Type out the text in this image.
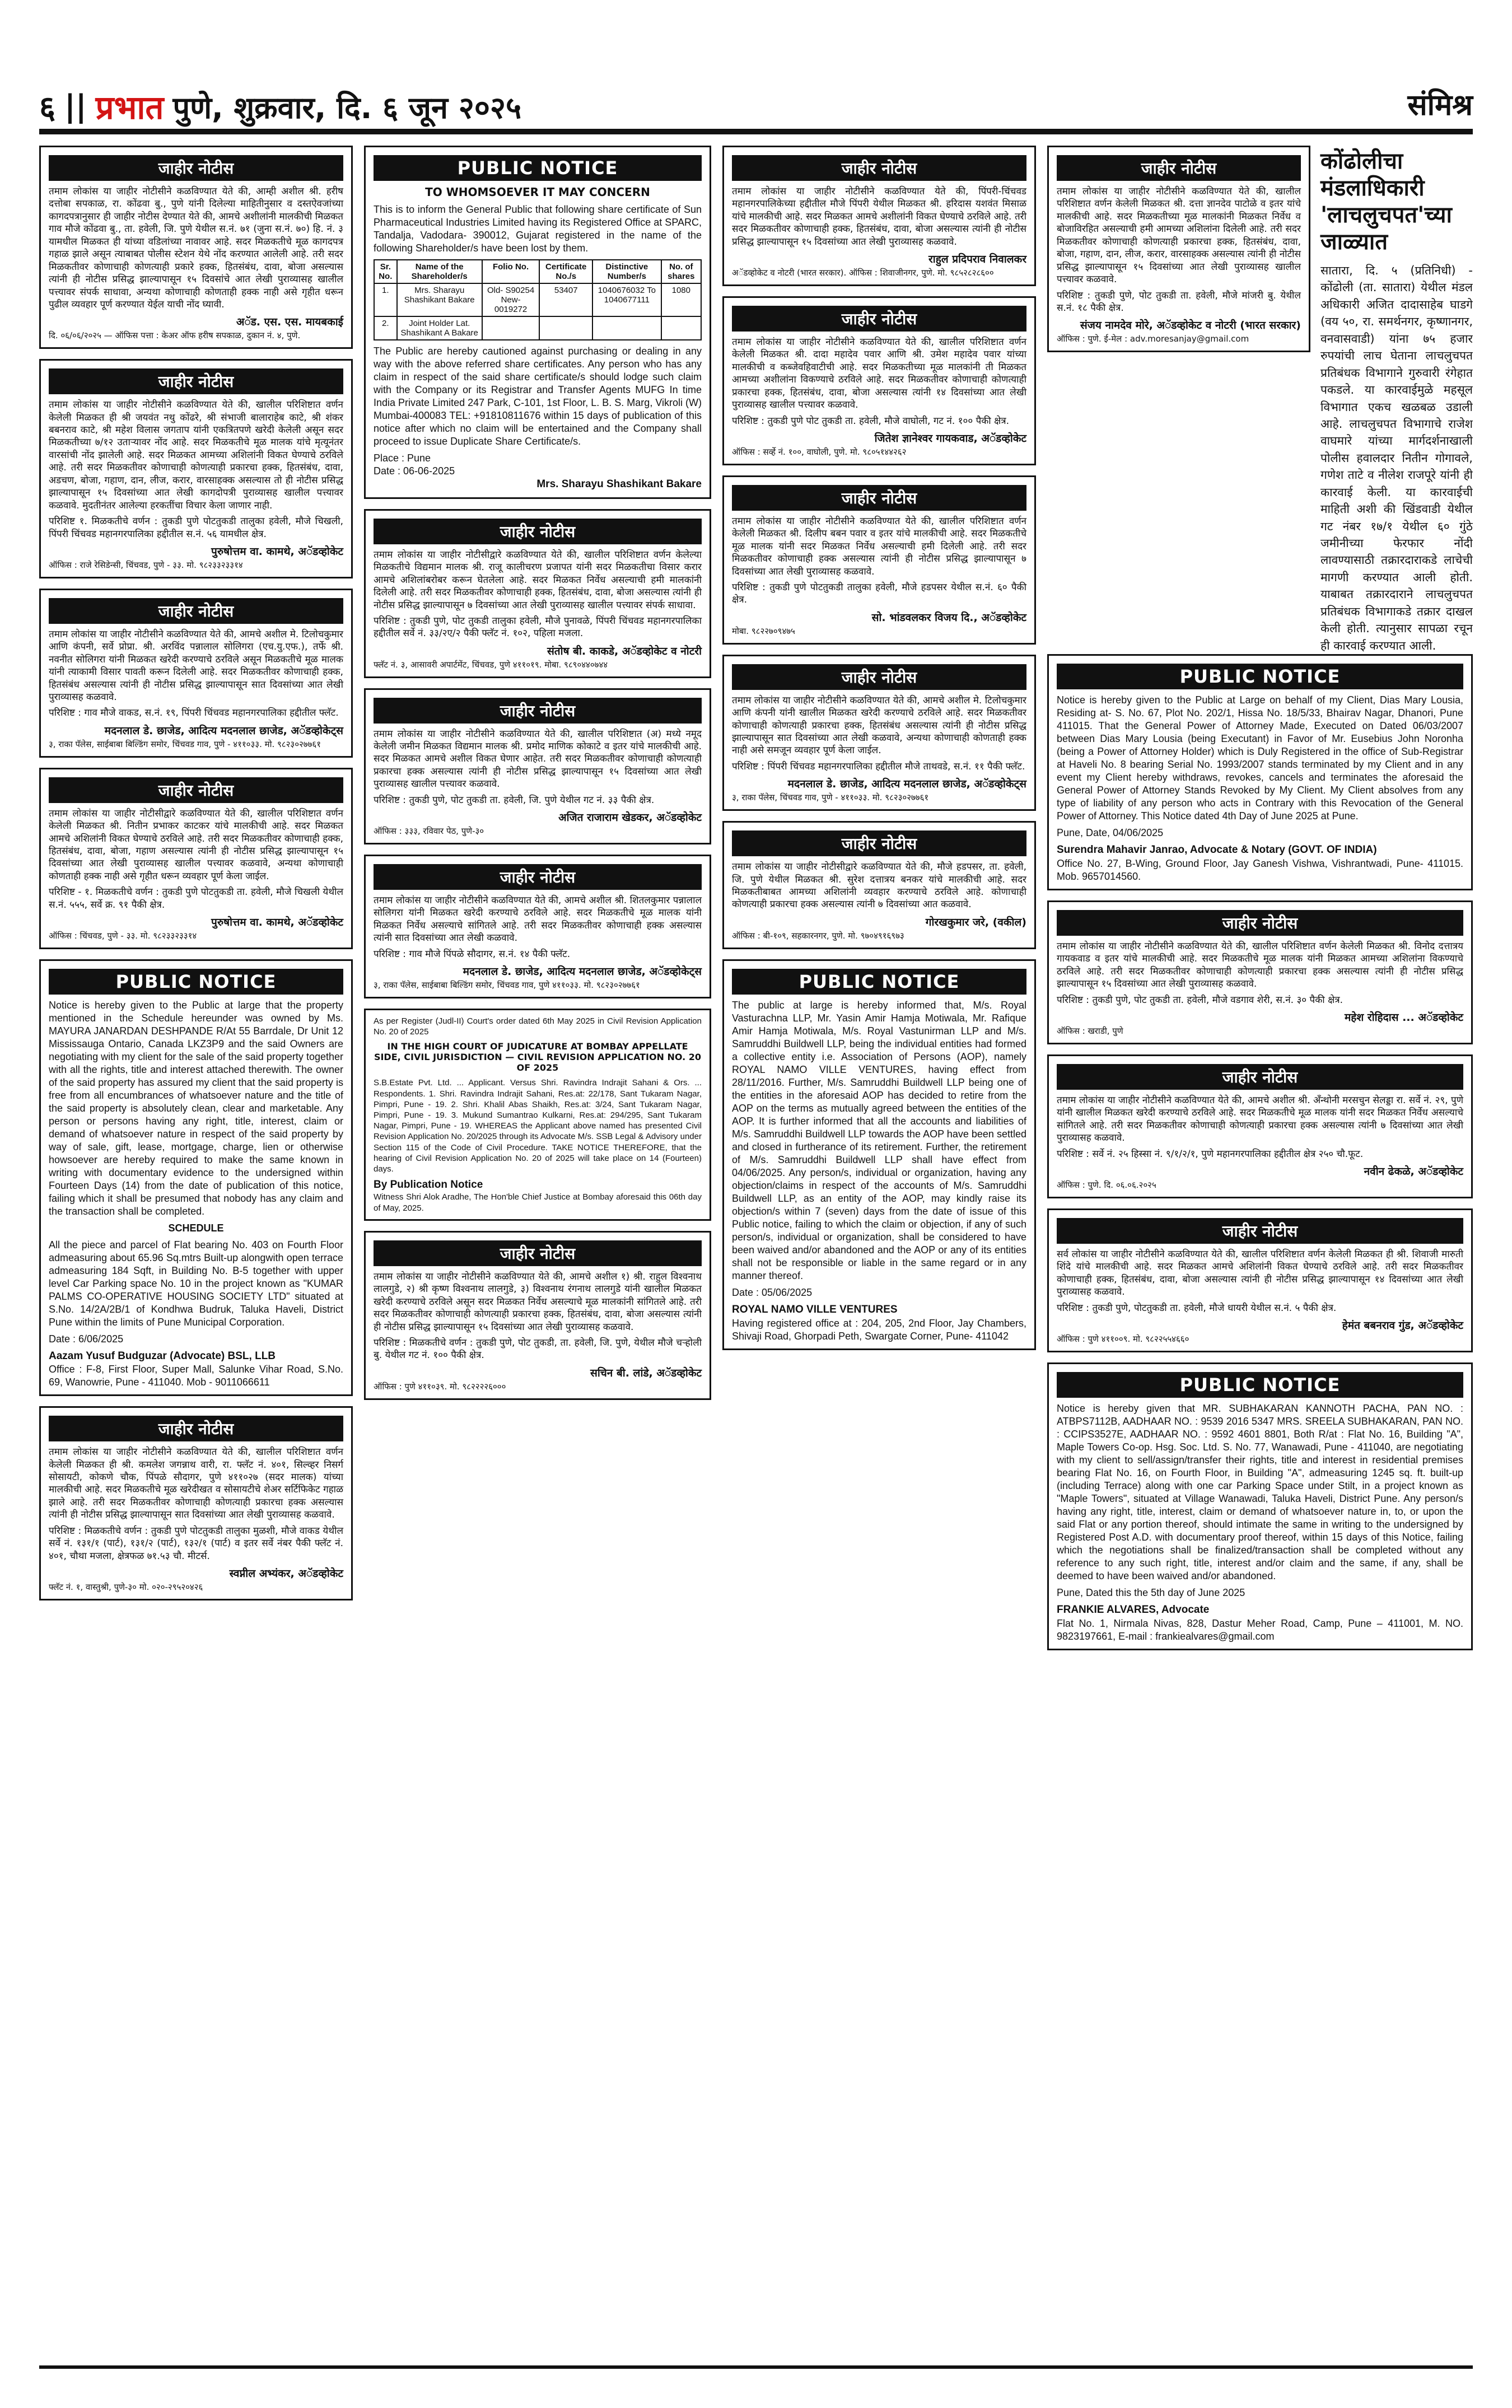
६ || प्रभात पुणे, शुक्रवार, दि. ६ जून २०२५	संमिश्र
जाहीर नोटीस

तमाम लोकांस या जाहीर नोटीसीने कळविण्यात येते की, आम्ही अशील श्री. हरीष दत्तोबा सपकाळ, रा. कोंढवा बु., पुणे यांनी दिलेल्या माहितीनुसार व दस्तऐवजांच्या कागदपत्रानुसार ही जाहीर नोटीस देण्यात येते की, आमचे अशीलांनी मालकीची मिळकत गाव मौजे कोंढवा बु., ता. हवेली, जि. पुणे येथील स.नं. ७१ (जुना स.नं. ७०) हि. नं. ३ यामधील मिळकत ही यांच्या वडिलांच्या नावावर आहे. सदर मिळकतीचे मूळ कागदपत्र गहाळ झाले असून त्याबाबत पोलीस स्टेशन येथे नोंद करण्यात आलेली आहे. तरी सदर मिळकतीवर कोणाचाही कोणत्याही प्रकारे हक्क, हितसंबंध, दावा, बोजा असल्यास त्यांनी ही नोटीस प्रसिद्ध झाल्यापासून १५ दिवसांचे आत लेखी पुराव्यासह खालील पत्त्यावर संपर्क साधावा, अन्यथा कोणाचाही कोणताही हक्क नाही असे गृहीत धरून पुढील व्यवहार पूर्ण करण्यात येईल याची नोंद घ्यावी.

अॅड. एस. एस. मायबकाई
दि. ०६/०६/२०२५ — ऑफिस पत्ता : केअर ऑफ हरीष सपकाळ, दुकान नं. ४, पुणे.
जाहीर नोटीस

तमाम लोकांस या जाहीर नोटीसीने कळविण्यात येते की, खालील परिशिष्टात वर्णन केलेली मिळकत ही श्री जयवंत नथु कोंढरे, श्री संभाजी बालाराहेब काटे, श्री शंकर बबनराव काटे, श्री महेश विलास जगताप यांनी एकत्रितपणे खरेदी केलेली असून सदर मिळकतीच्या ७/१२ उताऱ्यावर नोंद आहे. सदर मिळकतीचे मूळ मालक यांचे मृत्यूनंतर वारसांची नोंद झालेली आहे. सदर मिळकत आमच्या अशिलांनी विकत घेण्याचे ठरविले आहे. तरी सदर मिळकतीवर कोणाचाही कोणत्याही प्रकारचा हक्क, हितसंबंध, दावा, अडचण, बोजा, गहाण, दान, लीज, करार, वारसाहक्क असल्यास तो ही नोटीस प्रसिद्ध झाल्यापासून १५ दिवसांच्या आत लेखी कागदोपत्री पुराव्यासह खालील पत्त्यावर कळवावे. मुदतीनंतर आलेल्या हरकतींचा विचार केला जाणार नाही.

परिशिष्ट १. मिळकतीचे वर्णन : तुकडी पुणे पोटतुकडी तालुका हवेली, मौजे चिखली, पिंपरी चिंचवड महानगरपालिका हद्दीतील स.नं. ५६ यामधील क्षेत्र.

पुरुषोत्तम वा. कामथे, अॅडव्होकेट
ऑफिस : राजे रेसिडेन्सी, चिंचवड, पुणे - ३३. मो. ९८२३३२३३१४
जाहीर नोटीस

तमाम लोकांस या जाहीर नोटीसीने कळविण्यात येते की, आमचे अशील मे. टिलोचकुमार आणि कंपनी, सर्वे प्रोप्रा. श्री. अरविंद पन्नालाल सोलिगरा (एच.यु.एफ.), तर्फे श्री. नवनीत सोलिगरा यांनी मिळकत खरेदी करण्याचे ठरविले असून मिळकतीचे मूळ मालक यांनी त्याकामी विसार पावती करून दिलेली आहे. सदर मिळकतीवर कोणाचाही हक्क, हितसंबंध असल्यास त्यांनी ही नोटीस प्रसिद्ध झाल्यापासून सात दिवसांच्या आत लेखी पुराव्यासह कळवावे.

परिशिष्ट : गाव मौजे वाकड, स.नं. १९, पिंपरी चिंचवड महानगरपालिका हद्दीतील फ्लॅट.

मदनलाल डे. छाजेड, आदित्य मदनलाल छाजेड, अॅडव्होकेट्स
३, राका पॅलेस, साईबाबा बिल्डिंग समोर, चिंचवड गाव, पुणे - ४११०३३. मो. ९८२३०२७७६१
जाहीर नोटीस

तमाम लोकांस या जाहीर नोटीसीद्वारे कळविण्यात येते की, खालील परिशिष्टात वर्णन केलेली मिळकत श्री. नितीन प्रभाकर काटकर यांचे मालकीची आहे. सदर मिळकत आमचे अशिलांनी विकत घेण्याचे ठरविले आहे. तरी सदर मिळकतीवर कोणाचाही हक्क, हितसंबंध, दावा, बोजा, गहाण असल्यास त्यांनी ही नोटीस प्रसिद्ध झाल्यापासून १५ दिवसांच्या आत लेखी पुराव्यासह खालील पत्त्यावर कळवावे, अन्यथा कोणाचाही कोणताही हक्क नाही असे गृहीत धरून व्यवहार पूर्ण केला जाईल.

परिशिष्ट - १. मिळकतीचे वर्णन : तुकडी पुणे पोटतुकडी ता. हवेली, मौजे चिखली येथील स.नं. ५५५, सर्वे क्र. ९१ पैकी क्षेत्र.

पुरुषोत्तम वा. कामथे, अॅडव्होकेट
ऑफिस : चिंचवड, पुणे - ३३. मो. ९८२३३२३३१४
PUBLIC NOTICE

Notice is hereby given to the Public at large that the property mentioned in the Schedule hereunder was owned by Ms. MAYURA JANARDAN DESHPANDE R/At 55 Barrdale, Dr Unit 12 Mississauga Ontario, Canada LKZ3P9 and the said Owners are negotiating with my client for the sale of the said property together with all the rights, title and interest attached therewith. The owner of the said property has assured my client that the said property is free from all encumbrances of whatsoever nature and the title of the said property is absolutely clean, clear and marketable. Any person or persons having any right, title, interest, claim or demand of whatsoever nature in respect of the said property by way of sale, gift, lease, mortgage, charge, lien or otherwise howsoever are hereby required to make the same known in writing with documentary evidence to the undersigned within Fourteen Days (14) from the date of publication of this notice, failing which it shall be presumed that nobody has any claim and the transaction shall be completed.

SCHEDULE

All the piece and parcel of Flat bearing No. 403 on Fourth Floor admeasuring about 65.96 Sq.mtrs Built-up alongwith open terrace admeasuring 184 Sqft, in Building No. B-5 together with upper level Car Parking space No. 10 in the project known as "KUMAR PALMS CO-OPERATIVE HOUSING SOCIETY LTD" situated at S.No. 14/2A/2B/1 of Kondhwa Budruk, Taluka Haveli, District Pune within the limits of Pune Municipal Corporation.

Date : 6/06/2025

Aazam Yusuf Budguzar (Advocate) BSL, LLB
Office : F-8, First Floor, Super Mall, Salunke Vihar Road, S.No. 69, Wanowrie, Pune - 411040. Mob - 9011066611
जाहीर नोटीस

तमाम लोकांस या जाहीर नोटीसीने कळविण्यात येते की, खालील परिशिष्टात वर्णन केलेली मिळकत ही श्री. कमलेश जगन्नाथ वारी, रा. फ्लॅट नं. ४०१, सिल्व्हर निसर्ग सोसायटी, कोकणे चौक, पिंपळे सौदागर, पुणे ४११०२७ (सदर मालक) यांच्या मालकीची आहे. सदर मिळकतीचे मूळ खरेदीखत व सोसायटीचे शेअर सर्टिफिकेट गहाळ झाले आहे. तरी सदर मिळकतीवर कोणाचाही कोणत्याही प्रकारचा हक्क असल्यास त्यांनी ही नोटीस प्रसिद्ध झाल्यापासून सात दिवसांच्या आत लेखी पुराव्यासह कळवावे.

परिशिष्ट : मिळकतीचे वर्णन : तुकडी पुणे पोटतुकडी तालुका मुळशी, मौजे वाकड येथील सर्वे नं. १३१/१ (पार्ट), १३१/२ (पार्ट), १३२/१ (पार्ट) व इतर सर्वे नंबर पैकी फ्लॅट नं. ४०१, चौथा मजला, क्षेत्रफळ ७१.५३ चौ. मीटर्स.

स्वप्नील अभ्यंकर, अॅडव्होकेट
फ्लॅट नं. १, वास्तुश्री, पुणे-३० मो. ०२०-२९५२०४२६
PUBLIC NOTICE
TO WHOMSOEVER IT MAY CONCERN

This is to inform the General Public that following share certificate of Sun Pharmaceutical Industries Limited having its Registered Office at SPARC, Tandalja, Vadodara- 390012, Gujarat registered in the name of the following Shareholder/s have been lost by them.

Sr. No.	Name of the Shareholder/s	Folio No.	Certificate No./s	Distinctive Number/s	No. of shares
1.	Mrs. Sharayu Shashikant Bakare	Old- S90254 New-0019272	53407	1040676032 To 1040677111	1080
2.	Joint Holder Lat. Shashikant A Bakare				

The Public are hereby cautioned against purchasing or dealing in any way with the above referred share certificates. Any person who has any claim in respect of the said share certificate/s should lodge such claim with the Company or its Registrar and Transfer Agents MUFG In time India Private Limited 247 Park, C-101, 1st Floor, L. B. S. Marg, Vikroli (W) Mumbai-400083 TEL: +91810811676 within 15 days of publication of this notice after which no claim will be entertained and the Company shall proceed to issue Duplicate Share Certificate/s.

Place : Pune
Date : 06-06-2025
Mrs. Sharayu Shashikant Bakare
जाहीर नोटीस

तमाम लोकांस या जाहीर नोटीसीद्वारे कळविण्यात येते की, खालील परिशिष्टात वर्णन केलेल्या मिळकतीचे विद्यमान मालक श्री. राजू कालीचरण प्रजापत यांनी सदर मिळकतीचा विसार करार आमचे अशिलांबरोबर करून घेतलेला आहे. सदर मिळकत निर्वेध असल्याची हमी मालकांनी दिलेली आहे. तरी सदर मिळकतीवर कोणाचाही हक्क, हितसंबंध, दावा, बोजा असल्यास त्यांनी ही नोटीस प्रसिद्ध झाल्यापासून ७ दिवसांच्या आत लेखी पुराव्यासह खालील पत्त्यावर संपर्क साधावा.

परिशिष्ट : तुकडी पुणे, पोट तुकडी तालुका हवेली, मौजे पुनावळे, पिंपरी चिंचवड महानगरपालिका हद्दीतील सर्वे नं. ३३/२ए/२ पैकी फ्लॅट नं. १०२, पहिला मजला.

संतोष बी. काकडे, अॅडव्होकेट व नोटरी
फ्लॅट नं. ३, आसावरी अपार्टमेंट, चिंचवड, पुणे ४११०१९. मोबा. ९८९०४४०७४४
जाहीर नोटीस

तमाम लोकांस या जाहीर नोटीसीने कळविण्यात येते की, खालील परिशिष्टात (अ) मध्ये नमूद केलेली जमीन मिळकत विद्यमान मालक श्री. प्रमोद माणिक कोकाटे व इतर यांचे मालकीची आहे. सदर मिळकत आमचे अशील विकत घेणार आहेत. तरी सदर मिळकतीवर कोणाचाही कोणत्याही प्रकारचा हक्क असल्यास त्यांनी ही नोटीस प्रसिद्ध झाल्यापासून १५ दिवसांच्या आत लेखी पुराव्यासह खालील पत्त्यावर कळवावे.

परिशिष्ट : तुकडी पुणे, पोट तुकडी ता. हवेली, जि. पुणे येथील गट नं. ३३ पैकी क्षेत्र.

अजित राजाराम खेडकर, अॅडव्होकेट
ऑफिस : ३३३, रविवार पेठ, पुणे-३०
जाहीर नोटीस

तमाम लोकांस या जाहीर नोटीसीने कळविण्यात येते की, आमचे अशील श्री. शितलकुमार पन्नालाल सोलिगरा यांनी मिळकत खरेदी करण्याचे ठरविले आहे. सदर मिळकतीचे मूळ मालक यांनी मिळकत निर्वेध असल्याचे सांगितले आहे. तरी सदर मिळकतीवर कोणाचाही हक्क असल्यास त्यांनी सात दिवसांच्या आत लेखी कळवावे.

परिशिष्ट : गाव मौजे पिंपळे सौदागर, स.नं. १४ पैकी फ्लॅट.

मदनलाल डे. छाजेड, आदित्य मदनलाल छाजेड, अॅडव्होकेट्स
३, राका पॅलेस, साईबाबा बिल्डिंग समोर, चिंचवड गाव, पुणे ४११०३३. मो. ९८२३०२७७६१

As per Register (Judl-II) Court's order dated 6th May 2025 in Civil Revision Application No. 20 of 2025

IN THE HIGH COURT OF JUDICATURE AT BOMBAY APPELLATE SIDE, CIVIL JURISDICTION — CIVIL REVISION APPLICATION NO. 20 OF 2025

S.B.Estate Pvt. Ltd. ... Applicant. Versus Shri. Ravindra Indrajit Sahani & Ors. ... Respondents. 1. Shri. Ravindra Indrajit Sahani, Res.at: 22/178, Sant Tukaram Nagar, Pimpri, Pune - 19. 2. Shri. Khalil Abas Shaikh, Res.at: 3/24, Sant Tukaram Nagar, Pimpri, Pune - 19. 3. Mukund Sumantrao Kulkarni, Res.at: 294/295, Sant Tukaram Nagar, Pimpri, Pune - 19. WHEREAS the Applicant above named has presented Civil Revision Application No. 20/2025 through its Advocate M/s. SSB Legal & Advisory under Section 115 of the Code of Civil Procedure. TAKE NOTICE THEREFORE, that the hearing of Civil Revision Application No. 20 of 2025 will take place on 14 (Fourteen) days.

By Publication Notice
Witness Shri Alok Aradhe, The Hon'ble Chief Justice at Bombay aforesaid this 06th day of May, 2025.
जाहीर नोटीस

तमाम लोकांस या जाहीर नोटीसीने कळविण्यात येते की, आमचे अशील १) श्री. राहुल विश्वनाथ लालगुडे, २) श्री कृष्ण विश्वनाथ लालगुडे, ३) विश्वनाथ रंगनाथ लालगुडे यांनी खालील मिळकत खरेदी करण्याचे ठरविले असून सदर मिळकत निर्वेध असल्याचे मूळ मालकांनी सांगितले आहे. तरी सदर मिळकतीवर कोणाचाही कोणत्याही प्रकारचा हक्क, हितसंबंध, दावा, बोजा असल्यास त्यांनी ही नोटीस प्रसिद्ध झाल्यापासून १५ दिवसांच्या आत लेखी पुराव्यासह कळवावे.

परिशिष्ट : मिळकतीचे वर्णन : तुकडी पुणे, पोट तुकडी, ता. हवेली, जि. पुणे, येथील मौजे चऱ्होली बु. येथील गट नं. १०० पैकी क्षेत्र.

सचिन बी. लांडे, अॅडव्होकेट
ऑफिस : पुणे ४११०३९. मो. ९८२२२२६०००
जाहीर नोटीस

तमाम लोकांस या जाहीर नोटीसीने कळविण्यात येते की, पिंपरी-चिंचवड महानगरपालिकेच्या हद्दीतील मौजे पिंपरी येथील मिळकत श्री. हरिदास यशवंत मिसाळ यांचे मालकीची आहे. सदर मिळकत आमचे अशीलांनी विकत घेण्याचे ठरविले आहे. तरी सदर मिळकतीवर कोणाचाही हक्क, हितसंबंध, दावा, बोजा असल्यास त्यांनी ही नोटीस प्रसिद्ध झाल्यापासून १५ दिवसांच्या आत लेखी पुराव्यासह कळवावे.

राहुल प्रदिपराव निवालकर
अॅडव्होकेट व नोटरी (भारत सरकार). ऑफिस : शिवाजीनगर, पुणे. मो. ९८५२८२८६००
जाहीर नोटीस

तमाम लोकांस या जाहीर नोटीसीने कळविण्यात येते की, खालील परिशिष्टात वर्णन केलेली मिळकत श्री. दादा महादेव पवार आणि श्री. उमेश महादेव पवार यांच्या मालकीची व कब्जेवहिवाटीची आहे. सदर मिळकतीच्या मूळ मालकांनी ती मिळकत आमच्या अशीलांना विकण्याचे ठरविले आहे. सदर मिळकतीवर कोणाचाही कोणत्याही प्रकारचा हक्क, हितसंबंध, दावा, बोजा असल्यास त्यांनी १४ दिवसांच्या आत लेखी पुराव्यासह खालील पत्त्यावर कळवावे.

परिशिष्ट : तुकडी पुणे पोट तुकडी ता. हवेली, मौजे वाघोली, गट नं. १०० पैकी क्षेत्र.

जितेश ज्ञानेश्वर गायकवाड, अॅडव्होकेट
ऑफिस : सर्व्हे नं. १००, वाघोली, पुणे. मो. ९८०५१४४२६२
जाहीर नोटीस

तमाम लोकांस या जाहीर नोटीसीने कळविण्यात येते की, खालील परिशिष्टात वर्णन केलेली मिळकत श्री. दिलीप बबन पवार व इतर यांचे मालकीची आहे. सदर मिळकतीचे मूळ मालक यांनी सदर मिळकत निर्वेध असल्याची हमी दिलेली आहे. तरी सदर मिळकतीवर कोणाचाही हक्क असल्यास त्यांनी ही नोटीस प्रसिद्ध झाल्यापासून ७ दिवसांच्या आत लेखी पुराव्यासह कळवावे.

परिशिष्ट : तुकडी पुणे पोटतुकडी तालुका हवेली, मौजे हडपसर येथील स.नं. ६० पैकी क्षेत्र.

सो. भांडवलकर विजय दि., अॅडव्होकेट
मोबा. ९८२२७०९४७५
जाहीर नोटीस

तमाम लोकांस या जाहीर नोटीसीने कळविण्यात येते की, आमचे अशील मे. टिलोचकुमार आणि कंपनी यांनी खालील मिळकत खरेदी करण्याचे ठरविले आहे. सदर मिळकतीवर कोणाचाही कोणत्याही प्रकारचा हक्क, हितसंबंध असल्यास त्यांनी ही नोटीस प्रसिद्ध झाल्यापासून सात दिवसांच्या आत लेखी कळवावे, अन्यथा कोणाचाही कोणताही हक्क नाही असे समजून व्यवहार पूर्ण केला जाईल.

परिशिष्ट : पिंपरी चिंचवड महानगरपालिका हद्दीतील मौजे ताथवडे, स.नं. ११ पैकी फ्लॅट.

मदनलाल डे. छाजेड, आदित्य मदनलाल छाजेड, अॅडव्होकेट्स
३, राका पॅलेस, चिंचवड गाव, पुणे - ४११०३३. मो. ९८२३०२७७६१
जाहीर नोटीस

तमाम लोकांस या जाहीर नोटीसीद्वारे कळविण्यात येते की, मौजे हडपसर, ता. हवेली, जि. पुणे येथील मिळकत श्री. सुरेश दत्तात्रय बनकर यांचे मालकीची आहे. सदर मिळकतीबाबत आमच्या अशिलांनी व्यवहार करण्याचे ठरविले आहे. कोणाचाही कोणत्याही प्रकारचा हक्क असल्यास त्यांनी ७ दिवसांच्या आत कळवावे.

गोरखकुमार जरे, (वकील)
ऑफिस : बी-१०९, सहकारनगर, पुणे. मो. ९७०४९१६९७३
PUBLIC NOTICE

The public at large is hereby informed that, M/s. Royal Vasturachna LLP, Mr. Yasin Amir Hamja Motiwala, Mr. Rafique Amir Hamja Motiwala, M/s. Royal Vastunirman LLP and M/s. Samruddhi Buildwell LLP, being the individual entities had formed a collective entity i.e. Association of Persons (AOP), namely ROYAL NAMO VILLE VENTURES, having effect from 28/11/2016. Further, M/s. Samruddhi Buildwell LLP being one of the entities in the aforesaid AOP has decided to retire from the AOP on the terms as mutually agreed between the entities of the AOP. It is further informed that all the accounts and liabilities of M/s. Samruddhi Buildwell LLP towards the AOP have been settled and closed in furtherance of its retirement. Further, the retirement of M/s. Samruddhi Buildwell LLP shall have effect from 04/06/2025. Any person/s, individual or organization, having any objection/claims in respect of the accounts of M/s. Samruddhi Buildwell LLP, as an entity of the AOP, may kindly raise its objection/s within 7 (seven) days from the date of issue of this Public notice, failing to which the claim or objection, if any of such person/s, individual or organization, shall be considered to have been waived and/or abandoned and the AOP or any of its entities shall not be responsible or liable in the same regard or in any manner thereof.

Date : 05/06/2025

ROYAL NAMO VILLE VENTURES
Having registered office at : 204, 205, 2nd Floor, Jay Chambers, Shivaji Road, Ghorpadi Peth, Swargate Corner, Pune- 411042
जाहीर नोटीस

तमाम लोकांस या जाहीर नोटीसीने कळविण्यात येते की, खालील परिशिष्टात वर्णन केलेली मिळकत श्री. दत्ता ज्ञानदेव पाटोळे व इतर यांचे मालकीची आहे. सदर मिळकतीच्या मूळ मालकांनी मिळकत निर्वेध व बोजाविरहित असल्याची हमी आमच्या अशिलांना दिलेली आहे. तरी सदर मिळकतीवर कोणाचाही कोणत्याही प्रकारचा हक्क, हितसंबंध, दावा, बोजा, गहाण, दान, लीज, करार, वारसाहक्क असल्यास त्यांनी ही नोटीस प्रसिद्ध झाल्यापासून १५ दिवसांच्या आत लेखी पुराव्यासह खालील पत्त्यावर कळवावे.

परिशिष्ट : तुकडी पुणे, पोट तुकडी ता. हवेली, मौजे मांजरी बु. येथील स.नं. १८ पैकी क्षेत्र.

संजय नामदेव मोरे, अॅडव्होकेट व नोटरी (भारत सरकार)
ऑफिस : पुणे. ई-मेल : adv.moresanjay@gmail.com
कोंढोलीचा मंडलाधिकारी 'लाचलुचपत'च्या जाळ्यात
सातारा, दि. ५ (प्रतिनिधी) - कोंढोली (ता. सातारा) येथील मंडल अधिकारी अजित दादासाहेब घाडगे (वय ५०, रा. समर्थनगर, कृष्णानगर, वनवासवाडी) यांना ७५ हजार रुपयांची लाच घेताना लाचलुचपत प्रतिबंधक विभागाने गुरुवारी रंगेहात पकडले. या कारवाईमुळे महसूल विभागात एकच खळबळ उडाली आहे. लाचलुचपत विभागाचे राजेश वाघमारे यांच्या मार्गदर्शनाखाली पोलीस हवालदार नितीन गोगावले, गणेश ताटे व नीलेश राजपूरे यांनी ही कारवाई केली. या कारवाईची माहिती अशी की खिंडवाडी येथील गट नंबर १७/१ येथील ६० गुंठे जमीनीच्या फेरफार नोंदी लावण्यासाठी तक्रारदाराकडे लाचेची मागणी करण्यात आली होती. याबाबत तक्रारदाराने लाचलुचपत प्रतिबंधक विभागाकडे तक्रार दाखल केली होती. त्यानुसार सापळा रचून ही कारवाई करण्यात आली.
PUBLIC NOTICE

Notice is hereby given to the Public at Large on behalf of my Client, Dias Mary Lousia, Residing at- S. No. 67, Plot No. 202/1, Hissa No. 18/5/33, Bhairav Nagar, Dhanori, Pune 411015. That the General Power of Attorney Made, Executed on Dated 06/03/2007 between Dias Mary Lousia (being Executant) in Favor of Mr. Eusebius John Noronha (being a Power of Attorney Holder) which is Duly Registered in the office of Sub-Registrar at Haveli No. 8 bearing Serial No. 1993/2007 stands terminated by my Client and in any event my Client hereby withdraws, revokes, cancels and terminates the aforesaid the General Power of Attorney Stands Revoked by My Client. My Client absolves from any type of liability of any person who acts in Contrary with this Revocation of the General Power of Attorney. This Notice dated 4th Day of June 2025 at Pune.

Pune, Date, 04/06/2025

Surendra Mahavir Janrao, Advocate & Notary (GOVT. OF INDIA)
Office No. 27, B-Wing, Ground Floor, Jay Ganesh Vishwa, Vishrantwadi, Pune- 411015. Mob. 9657014560.
जाहीर नोटीस

तमाम लोकांस या जाहीर नोटीसीने कळविण्यात येते की, खालील परिशिष्टात वर्णन केलेली मिळकत श्री. विनोद दत्तात्रय गायकवाड व इतर यांचे मालकीची आहे. सदर मिळकतीचे मूळ मालक यांनी मिळकत आमच्या अशिलांना विकण्याचे ठरविले आहे. तरी सदर मिळकतीवर कोणाचाही कोणत्याही प्रकारचा हक्क असल्यास त्यांनी ही नोटीस प्रसिद्ध झाल्यापासून १५ दिवसांच्या आत लेखी पुराव्यासह कळवावे.

परिशिष्ट : तुकडी पुणे, पोट तुकडी ता. हवेली, मौजे वडगाव शेरी, स.नं. ३० पैकी क्षेत्र.

महेश रोहिदास ... अॅडव्होकेट
ऑफिस : खराडी, पुणे
जाहीर नोटीस

तमाम लोकांस या जाहीर नोटीसीने कळविण्यात येते की, आमचे अशील श्री. अँन्थोनी मरसचुन सेलड्डा रा. सर्वे नं. २९, पुणे यांनी खालील मिळकत खरेदी करण्याचे ठरविले आहे. सदर मिळकतीचे मूळ मालक यांनी सदर मिळकत निर्वेध असल्याचे सांगितले आहे. तरी सदर मिळकतीवर कोणाचाही कोणत्याही प्रकारचा हक्क असल्यास त्यांनी ७ दिवसांच्या आत लेखी पुराव्यासह कळवावे.

परिशिष्ट : सर्वे नं. २५ हिस्सा नं. ९/१/२/१, पुणे महानगरपालिका हद्दीतील क्षेत्र २५० चौ.फूट.

नवीन ढेकळे, अॅडव्होकेट
ऑफिस : पुणे. दि. ०६.०६.२०२५
जाहीर नोटीस

सर्व लोकांस या जाहीर नोटीसीने कळविण्यात येते की, खालील परिशिष्टात वर्णन केलेली मिळकत ही श्री. शिवाजी मारुती शिंदे यांचे मालकीची आहे. सदर मिळकत आमचे अशिलांनी विकत घेण्याचे ठरविले आहे. तरी सदर मिळकतीवर कोणाचाही हक्क, हितसंबंध, दावा, बोजा असल्यास त्यांनी ही नोटीस प्रसिद्ध झाल्यापासून १४ दिवसांच्या आत लेखी पुराव्यासह कळवावे.

परिशिष्ट : तुकडी पुणे, पोटतुकडी ता. हवेली, मौजे धायरी येथील स.नं. ५ पैकी क्षेत्र.

हेमंत बबनराव गुंड, अॅडव्होकेट
ऑफिस : पुणे ४११००९. मो. ९८२२५५४६६०
PUBLIC NOTICE

Notice is hereby given that MR. SUBHAKARAN KANNOTH PACHA, PAN NO. : ATBPS7112B, AADHAAR NO. : 9539 2016 5347 MRS. SREELA SUBHAKARAN, PAN NO. : CCIPS3527E, AADHAAR NO. : 9592 4601 8801, Both R/at : Flat No. 16, Building "A", Maple Towers Co-op. Hsg. Soc. Ltd. S. No. 77, Wanawadi, Pune - 411040, are negotiating with my client to sell/assign/transfer their rights, title and interest in residential premises bearing Flat No. 16, on Fourth Floor, in Building "A", admeasuring 1245 sq. ft. built-up (including Terrace) along with one car Parking Space under Stilt, in a project known as "Maple Towers", situated at Village Wanawadi, Taluka Haveli, District Pune. Any person/s having any right, title, interest, claim or demand of whatsoever nature in, to, or upon the said Flat or any portion thereof, should intimate the same in writing to the undersigned by Registered Post A.D. with documentary proof thereof, within 15 days of this Notice, failing which the negotiations shall be finalized/transaction shall be completed without any reference to any such right, title, interest and/or claim and the same, if any, shall be deemed to have been waived and/or abandoned.

Pune, Dated this the 5th day of June 2025

FRANKIE ALVARES, Advocate
Flat No. 1, Nirmala Nivas, 828, Dastur Meher Road, Camp, Pune – 411001, M. NO. 9823197661, E-mail : frankiealvares@gmail.com
